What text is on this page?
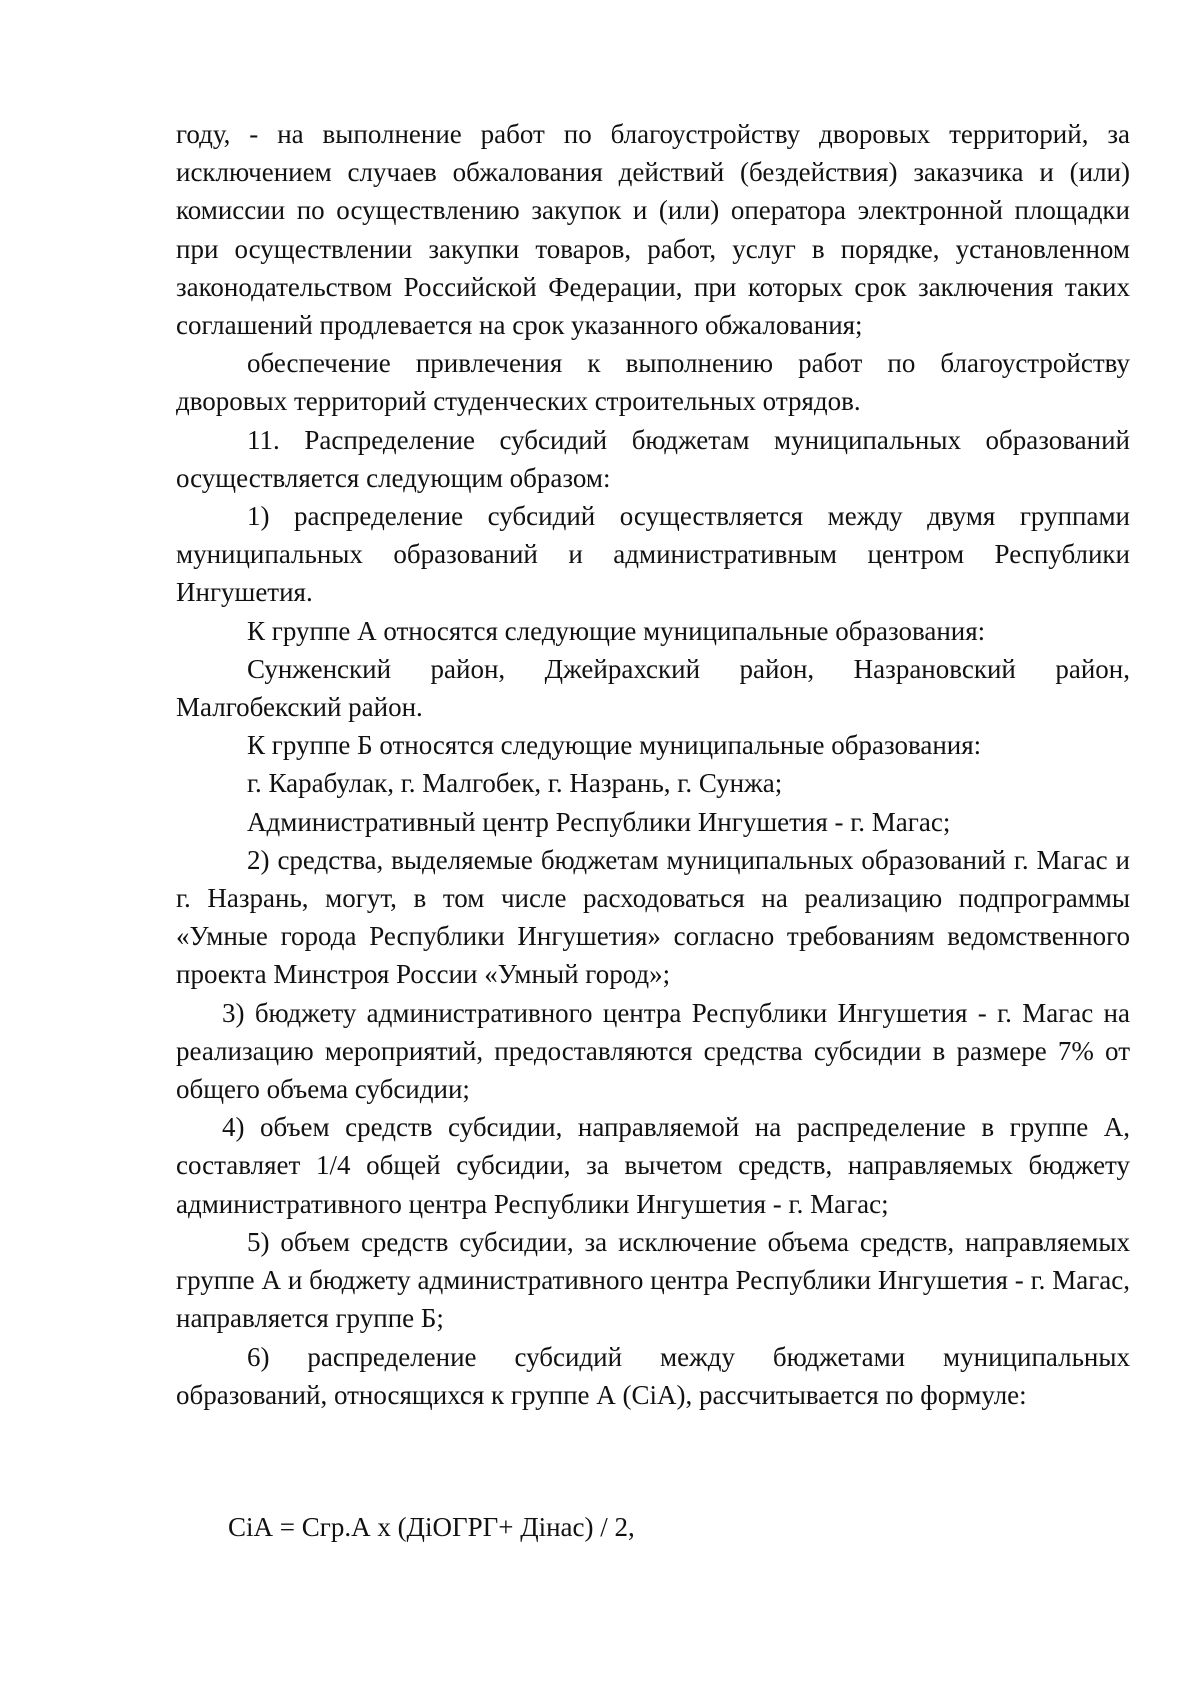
году, - на выполнение работ по благоустройству дворовых территорий, за исключением случаев обжалования действий (бездействия) заказчика и (или) комиссии по осуществлению закупок и (или) оператора электронной площадки при осуществлении закупки товаров, работ, услуг в порядке, установленном законодательством Российской Федерации, при которых срок заключения таких соглашений продлевается на срок указанного обжалования;

обеспечение привлечения к выполнению работ по благоустройству дворовых территорий студенческих строительных отрядов.

11. Распределение субсидий бюджетам муниципальных образований осуществляется следующим образом:

1) распределение субсидий осуществляется между двумя группами муниципальных образований и административным центром Республики Ингушетия.

К группе А относятся следующие муниципальные образования:

Сунженский район, Джейрахский район, Назрановский район, Малгобекский район.

К группе Б относятся следующие муниципальные образования:

г. Карабулак, г. Малгобек, г. Назрань, г. Сунжа;

Административный центр Республики Ингушетия - г. Магас;

2) средства, выделяемые бюджетам муниципальных образований г. Магас и г. Назрань, могут, в том числе расходоваться на реализацию подпрограммы «Умные города Республики Ингушетия» согласно требованиям ведомственного проекта Минстроя России «Умный город»;

3) бюджету административного центра Республики Ингушетия - г. Магас на реализацию мероприятий, предоставляются средства субсидии в размере 7% от общего объема субсидии;

4) объем средств субсидии, направляемой на распределение в группе А, составляет 1/4 общей субсидии, за вычетом средств, направляемых бюджету административного центра Республики Ингушетия - г. Магас;

5) объем средств субсидии, за исключение объема средств, направляемых группе А и бюджету административного центра Республики Ингушетия - г. Магас, направляется группе Б;

6) распределение субсидий между бюджетами муниципальных образований, относящихся к группе А (СiА), рассчитывается по формуле:

СiА = Сгр.А х (ДiОГРГ+ Дiнас) / 2,
